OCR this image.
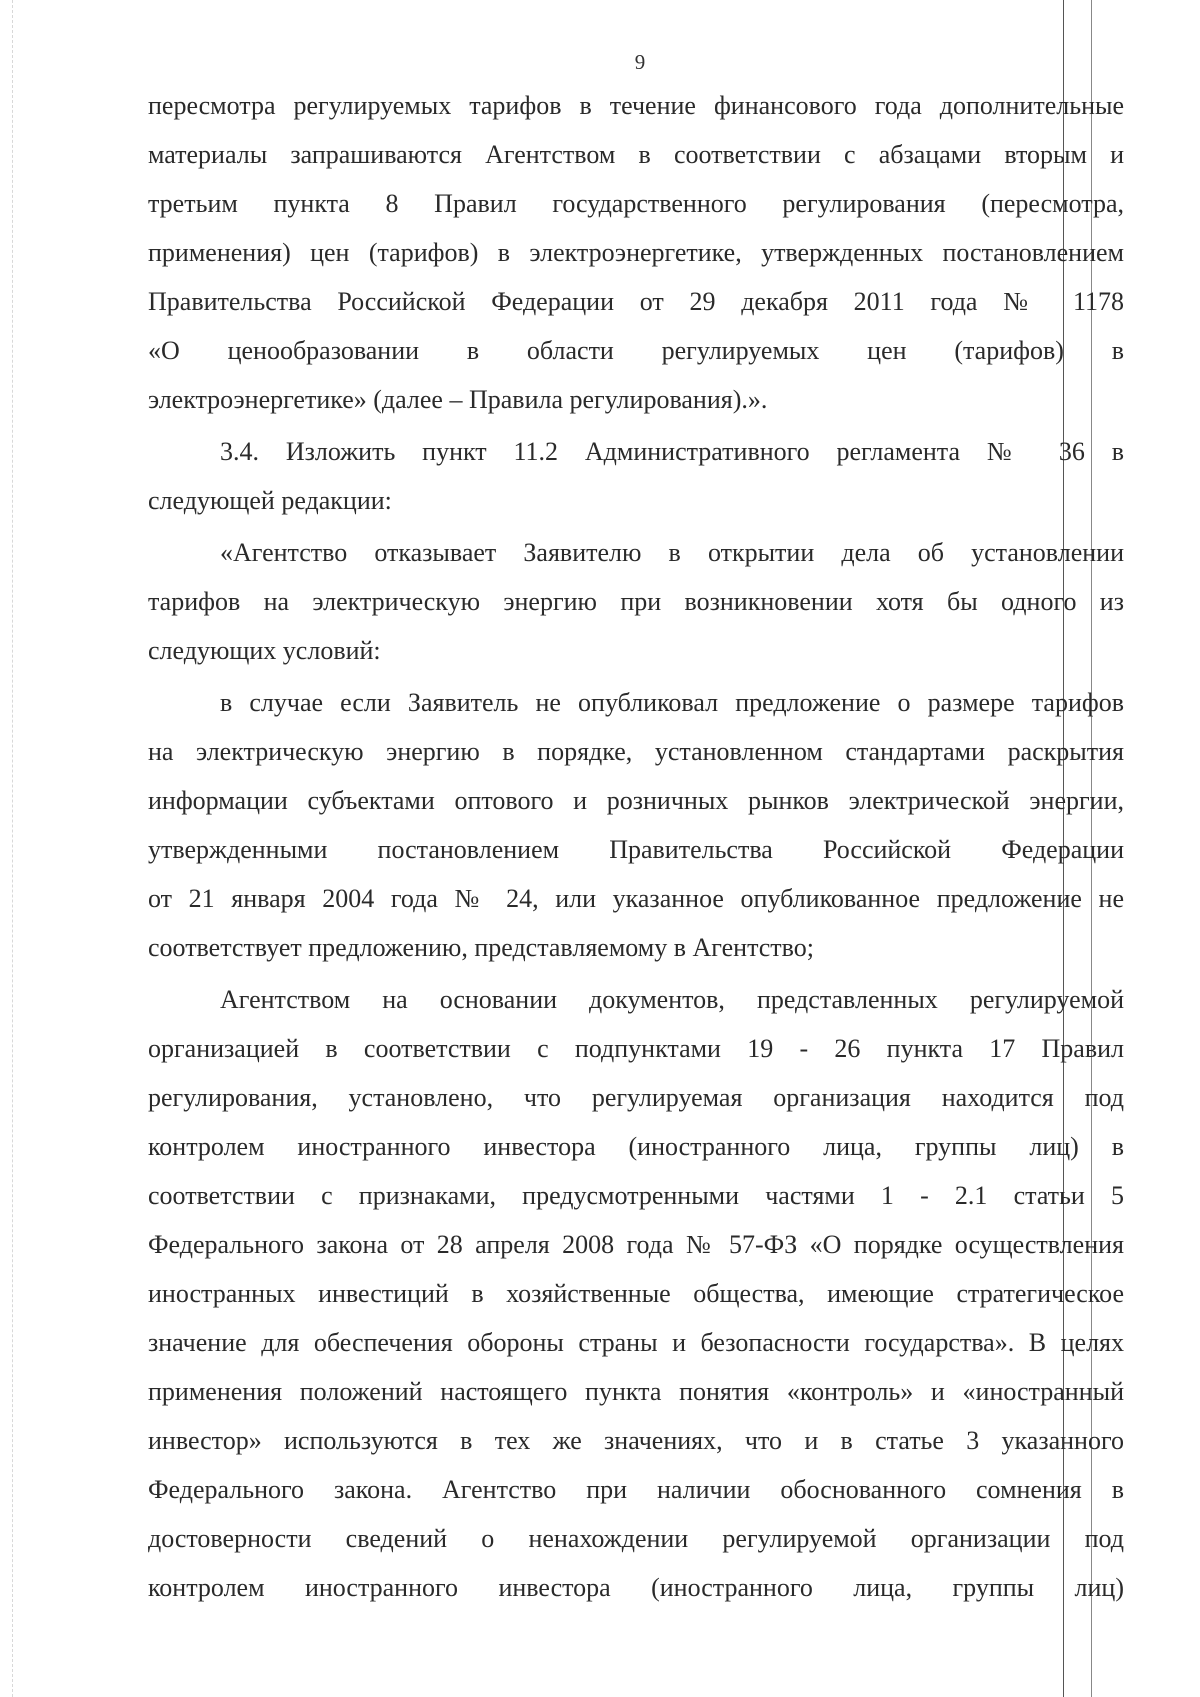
9
пересмотра регулируемых тарифов в течение финансового года дополнительные
материалы запрашиваются Агентством в соответствии с абзацами вторым и
третьим пункта 8 Правил государственного регулирования (пересмотра,
применения) цен (тарифов) в электроэнергетике, утвержденных постановлением
Правительства Российской Федерации от 29 декабря 2011 года № 1178
«О ценообразовании в области регулируемых цен (тарифов) в
электроэнергетике» (далее – Правила регулирования).».
3.4. Изложить пункт 11.2 Административного регламента № 36 в
следующей редакции:
«Агентство отказывает Заявителю в открытии дела об установлении
тарифов на электрическую энергию при возникновении хотя бы одного из
следующих условий:
в случае если Заявитель не опубликовал предложение о размере тарифов
на электрическую энергию в порядке, установленном стандартами раскрытия
информации субъектами оптового и розничных рынков электрической энергии,
утвержденными постановлением Правительства Российской Федерации
от 21 января 2004 года № 24, или указанное опубликованное предложение не
соответствует предложению, представляемому в Агентство;
Агентством на основании документов, представленных регулируемой
организацией в соответствии с подпунктами 19 - 26 пункта 17 Правил
регулирования, установлено, что регулируемая организация находится под
контролем иностранного инвестора (иностранного лица, группы лиц) в
соответствии с признаками, предусмотренными частями 1 - 2.1 статьи 5
Федерального закона от 28 апреля 2008 года № 57-ФЗ «О порядке осуществления
иностранных инвестиций в хозяйственные общества, имеющие стратегическое
значение для обеспечения обороны страны и безопасности государства». В целях
применения положений настоящего пункта понятия «контроль» и «иностранный
инвестор» используются в тех же значениях, что и в статье 3 указанного
Федерального закона. Агентство при наличии обоснованного сомнения в
достоверности сведений о ненахождении регулируемой организации под
контролем иностранного инвестора (иностранного лица, группы лиц)
